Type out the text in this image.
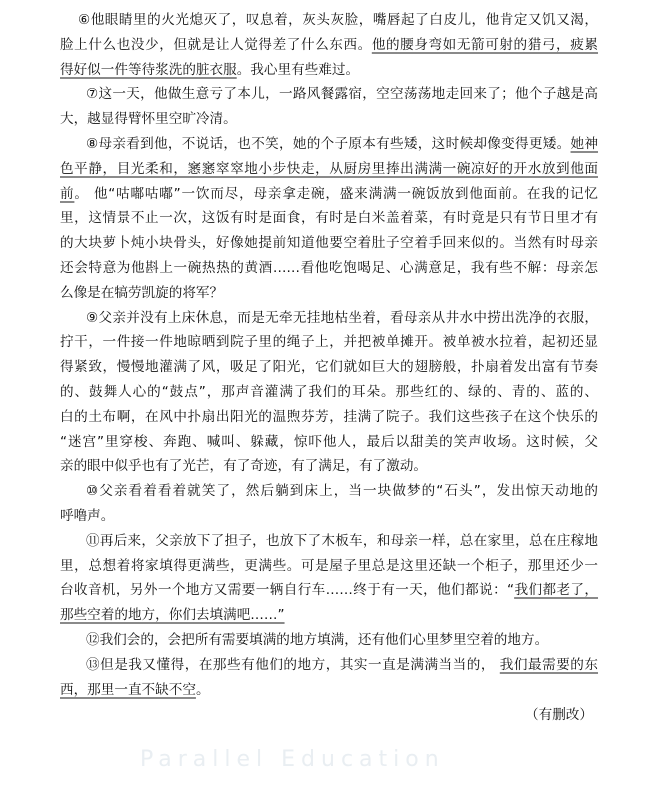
⑥他眼睛里的火光熄灭了，叹息着，灰头灰脸，嘴唇起了白皮儿，他肯定又饥又渴，
脸上什么也没少，但就是让人觉得差了什么东西。他的腰身弯如无箭可射的猎弓，疲累
得好似一件等待浆洗的脏衣服。我心里有些难过。
⑦这一天，他做生意亏了本儿，一路风餐露宿，空空荡荡地走回来了；他个子越是高
大，越显得臂怀里空旷冷清。
⑧母亲看到他，不说话，也不笑，她的个子原本有些矮，这时候却像变得更矮。她神
色平静，目光柔和，窸窸窣窣地小步快走，从厨房里捧出满满一碗凉好的开水放到他面
前。 他“咕嘟咕嘟”一饮而尽，母亲拿走碗，盛来满满一碗饭放到他面前。在我的记忆
里，这情景不止一次，这饭有时是面食，有时是白米盖着菜，有时竟是只有节日里才有
的大块萝卜炖小块骨头，好像她提前知道他要空着肚子空着手回来似的。当然有时母亲
还会特意为他斟上一碗热热的黄酒……看他吃饱喝足、心满意足，我有些不解：母亲怎
么像是在犒劳凯旋的将军？
⑨父亲并没有上床休息，而是无牵无挂地枯坐着，看母亲从井水中捞出洗净的衣服，
拧干，一件接一件地晾晒到院子里的绳子上，并把被单摊开。被单被水拉着，起初还显
得紧致，慢慢地灌满了风，吸足了阳光，它们就如巨大的翅膀般，扑扇着发出富有节奏
的、鼓舞人心的“鼓点”，那声音灌满了我们的耳朵。那些红的、绿的、青的、蓝的、
白的土布啊，在风中扑扇出阳光的温煦芬芳，挂满了院子。我们这些孩子在这个快乐的
“迷宫”里穿梭、奔跑、喊叫、躲藏，惊吓他人，最后以甜美的笑声收场。这时候，父
亲的眼中似乎也有了光芒，有了奇迹，有了满足，有了激动。
⑩父亲看着看着就笑了，然后躺到床上，当一块做梦的“石头”，发出惊天动地的
呼噜声。
⑪再后来，父亲放下了担子，也放下了木板车，和母亲一样，总在家里，总在庄稼地
里，总想着将家填得更满些，更满些。可是屋子里总是这里还缺一个柜子，那里还少一
台收音机，另外一个地方又需要一辆自行车……终于有一天，他们都说：“我们都老了，
那些空着的地方，你们去填满吧……”
⑫我们会的，会把所有需要填满的地方填满，还有他们心里梦里空着的地方。
⑬但是我又懂得，在那些有他们的地方，其实一直是满满当当的， 我们最需要的东
西，那里一直不缺不空。
（有删改）
Parallel Education
